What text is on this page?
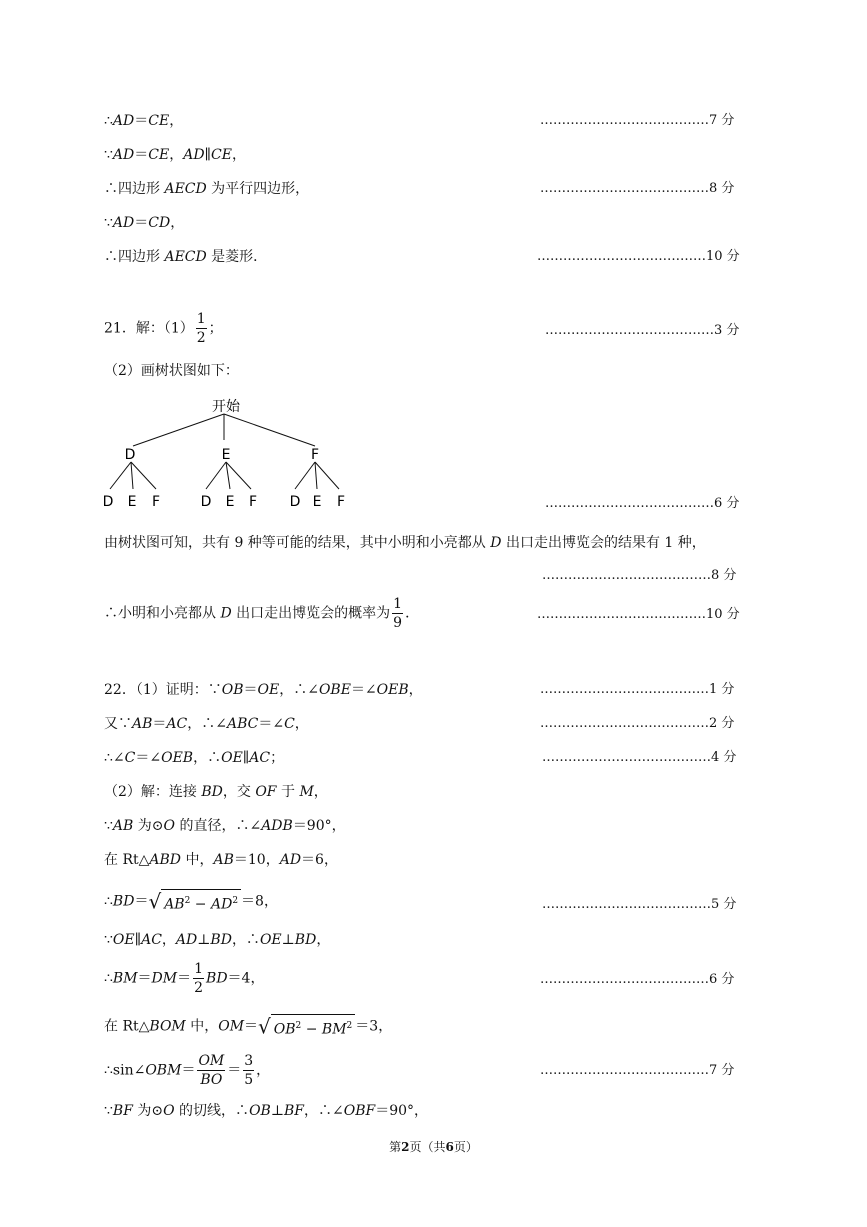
∴AD＝CE，	…………………………………7 分
∵AD＝CE，AD∥CE，
∴四边形 AECD 为平行四边形，	…………………………………8 分
∵AD＝CD，
∴四边形 AECD 是菱形．	…………………………………10 分
21．解：$(1) \frac{1}{2}$ ；	…………………………………3 分
（2）画树状图如下：
开始
D	E	F
D E F	D E F D E F	…………………………………6 分
由树状图可知，共有 9 种等可能的结果，其中小明和小亮都从 D 出口走出博览会的结果有 1 种，
…………………………………8 分
∴小明和小亮都从 D 出口走出博览会的概率为 $\frac{1}{9}$ ．	…………………………………10 分
22．（1）证明：∵OB＝OE，∴∠OBE＝∠OEB，	…………………………………1 分
又∵AB＝AC，∴∠ABC＝∠C，	…………………………………2 分
∴∠C＝∠OEB，∴OE∥AC；	…………………………………4 分
（2）解：连接 BD，交 OF 于 M，
∵AB 为⊙O 的直径，∴∠ADB＝90°，
在 Rt△ABD 中，AB＝10，AD＝6，
∴BD＝√ $AB^2 - AD^2 =8$，	…………………………………5 分
∵OE∥AC，AD⊥BD，∴OE⊥BD，
∴BM＝DM＝ $\frac{1}{2} BD=4$，	…………………………………6 分
在 Rt△BOM 中，OM＝√ $OB^2 - BM^2 =3$，
∴sin∠OBM＝ $\frac{OM}{BO} = \frac{3}{5}$ ，	…………………………………7 分
∵BF 为⊙O 的切线，∴OB⊥BF，∴∠OBF＝90°，
第2页（共6页）
